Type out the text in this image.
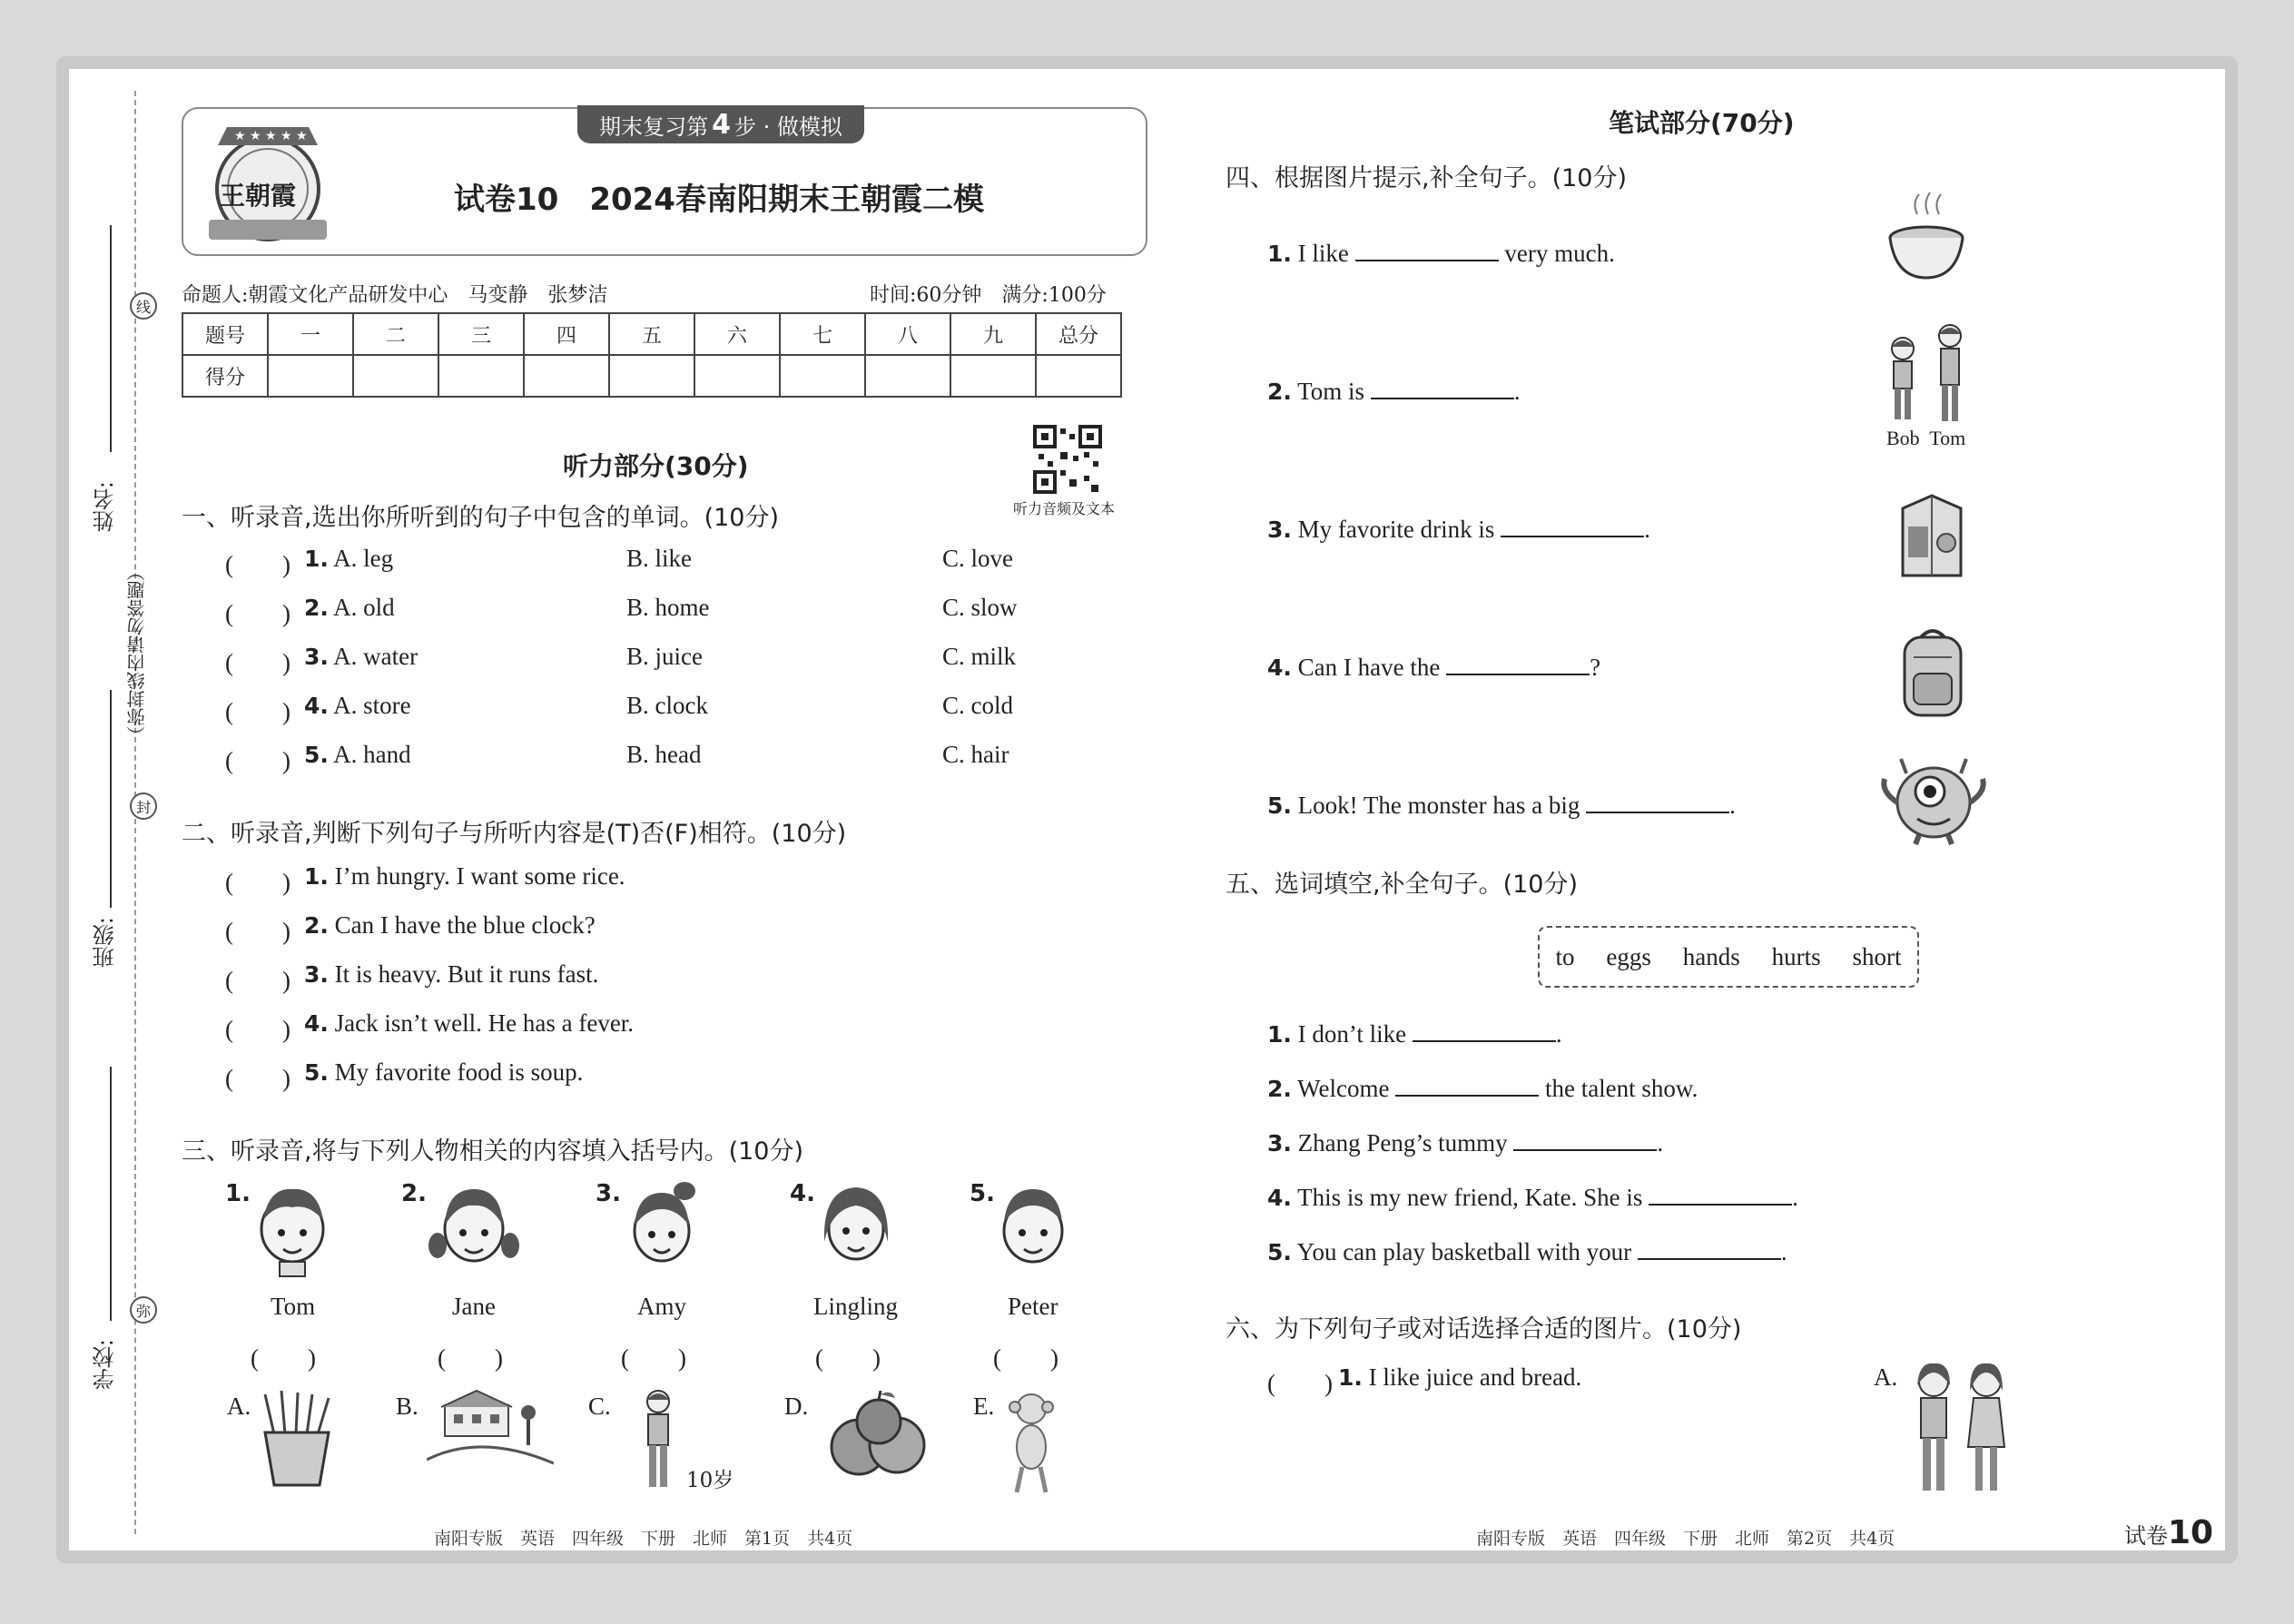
姓名:
班级:
学校:
（弥封线内请勿答题）
线
封
弥
期末复习第 4 步 · 做模拟
★ ★ ★ ★ ★
王朝霞	试卷10　2024春南阳期末王朝霞二模
命题人:朝霞文化产品研发中心　马变静　张梦洁	时间:60分钟　满分:100分
题号	一	二	三	四	五	六	七	八	九	总分
得分										
听力部分(30分)
听力音频及文本
一、听录音,选出你所听到的句子中包含的单词。(10分)
(　　) 1. A. leg	B. like	C. love
(　　) 2. A. old	B. home	C. slow
(　　) 3. A. water	B. juice	C. milk
(　　) 4. A. store	B. clock	C. cold
(　　) 5. A. hand	B. head	C. hair
二、听录音,判断下列句子与所听内容是(T)否(F)相符。(10分)
(　　) 1. I’m hungry. I want some rice.
(　　) 2. Can I have the blue clock?
(　　) 3. It is heavy. But it runs fast.
(　　) 4. Jack isn’t well. He has a fever.
(　　) 5. My favorite food is soup.
三、听录音,将与下列人物相关的内容填入括号内。(10分)
1.
Tom
(　　)
2.
Jane
(　　)
3.
Amy
(　　)
4.
Lingling
(　　)
5.
Peter
(　　)
A.	B.	C.
10岁
D.	E.
笔试部分(70分)
四、根据图片提示,补全句子。(10分)
1. I like	very much.
2. Tom is	.
Bob  Tom
3. My favorite drink is	.
4. Can I have the	?
5. Look! The monster has a big	.
五、选词填空,补全句子。(10分)
to eggs hands hurts short
1. I don’t like	.
2. Welcome	the talent show.
3. Zhang Peng’s tummy	.
4. This is my new friend, Kate. She is	.
5. You can play basketball with your	.
六、为下列句子或对话选择合适的图片。(10分)
(　　) 1. I like juice and bread.	A.
南阳专版　英语　四年级　下册　北师　第1页　共4页	南阳专版　英语　四年级　下册　北师　第2页　共4页	试卷10
